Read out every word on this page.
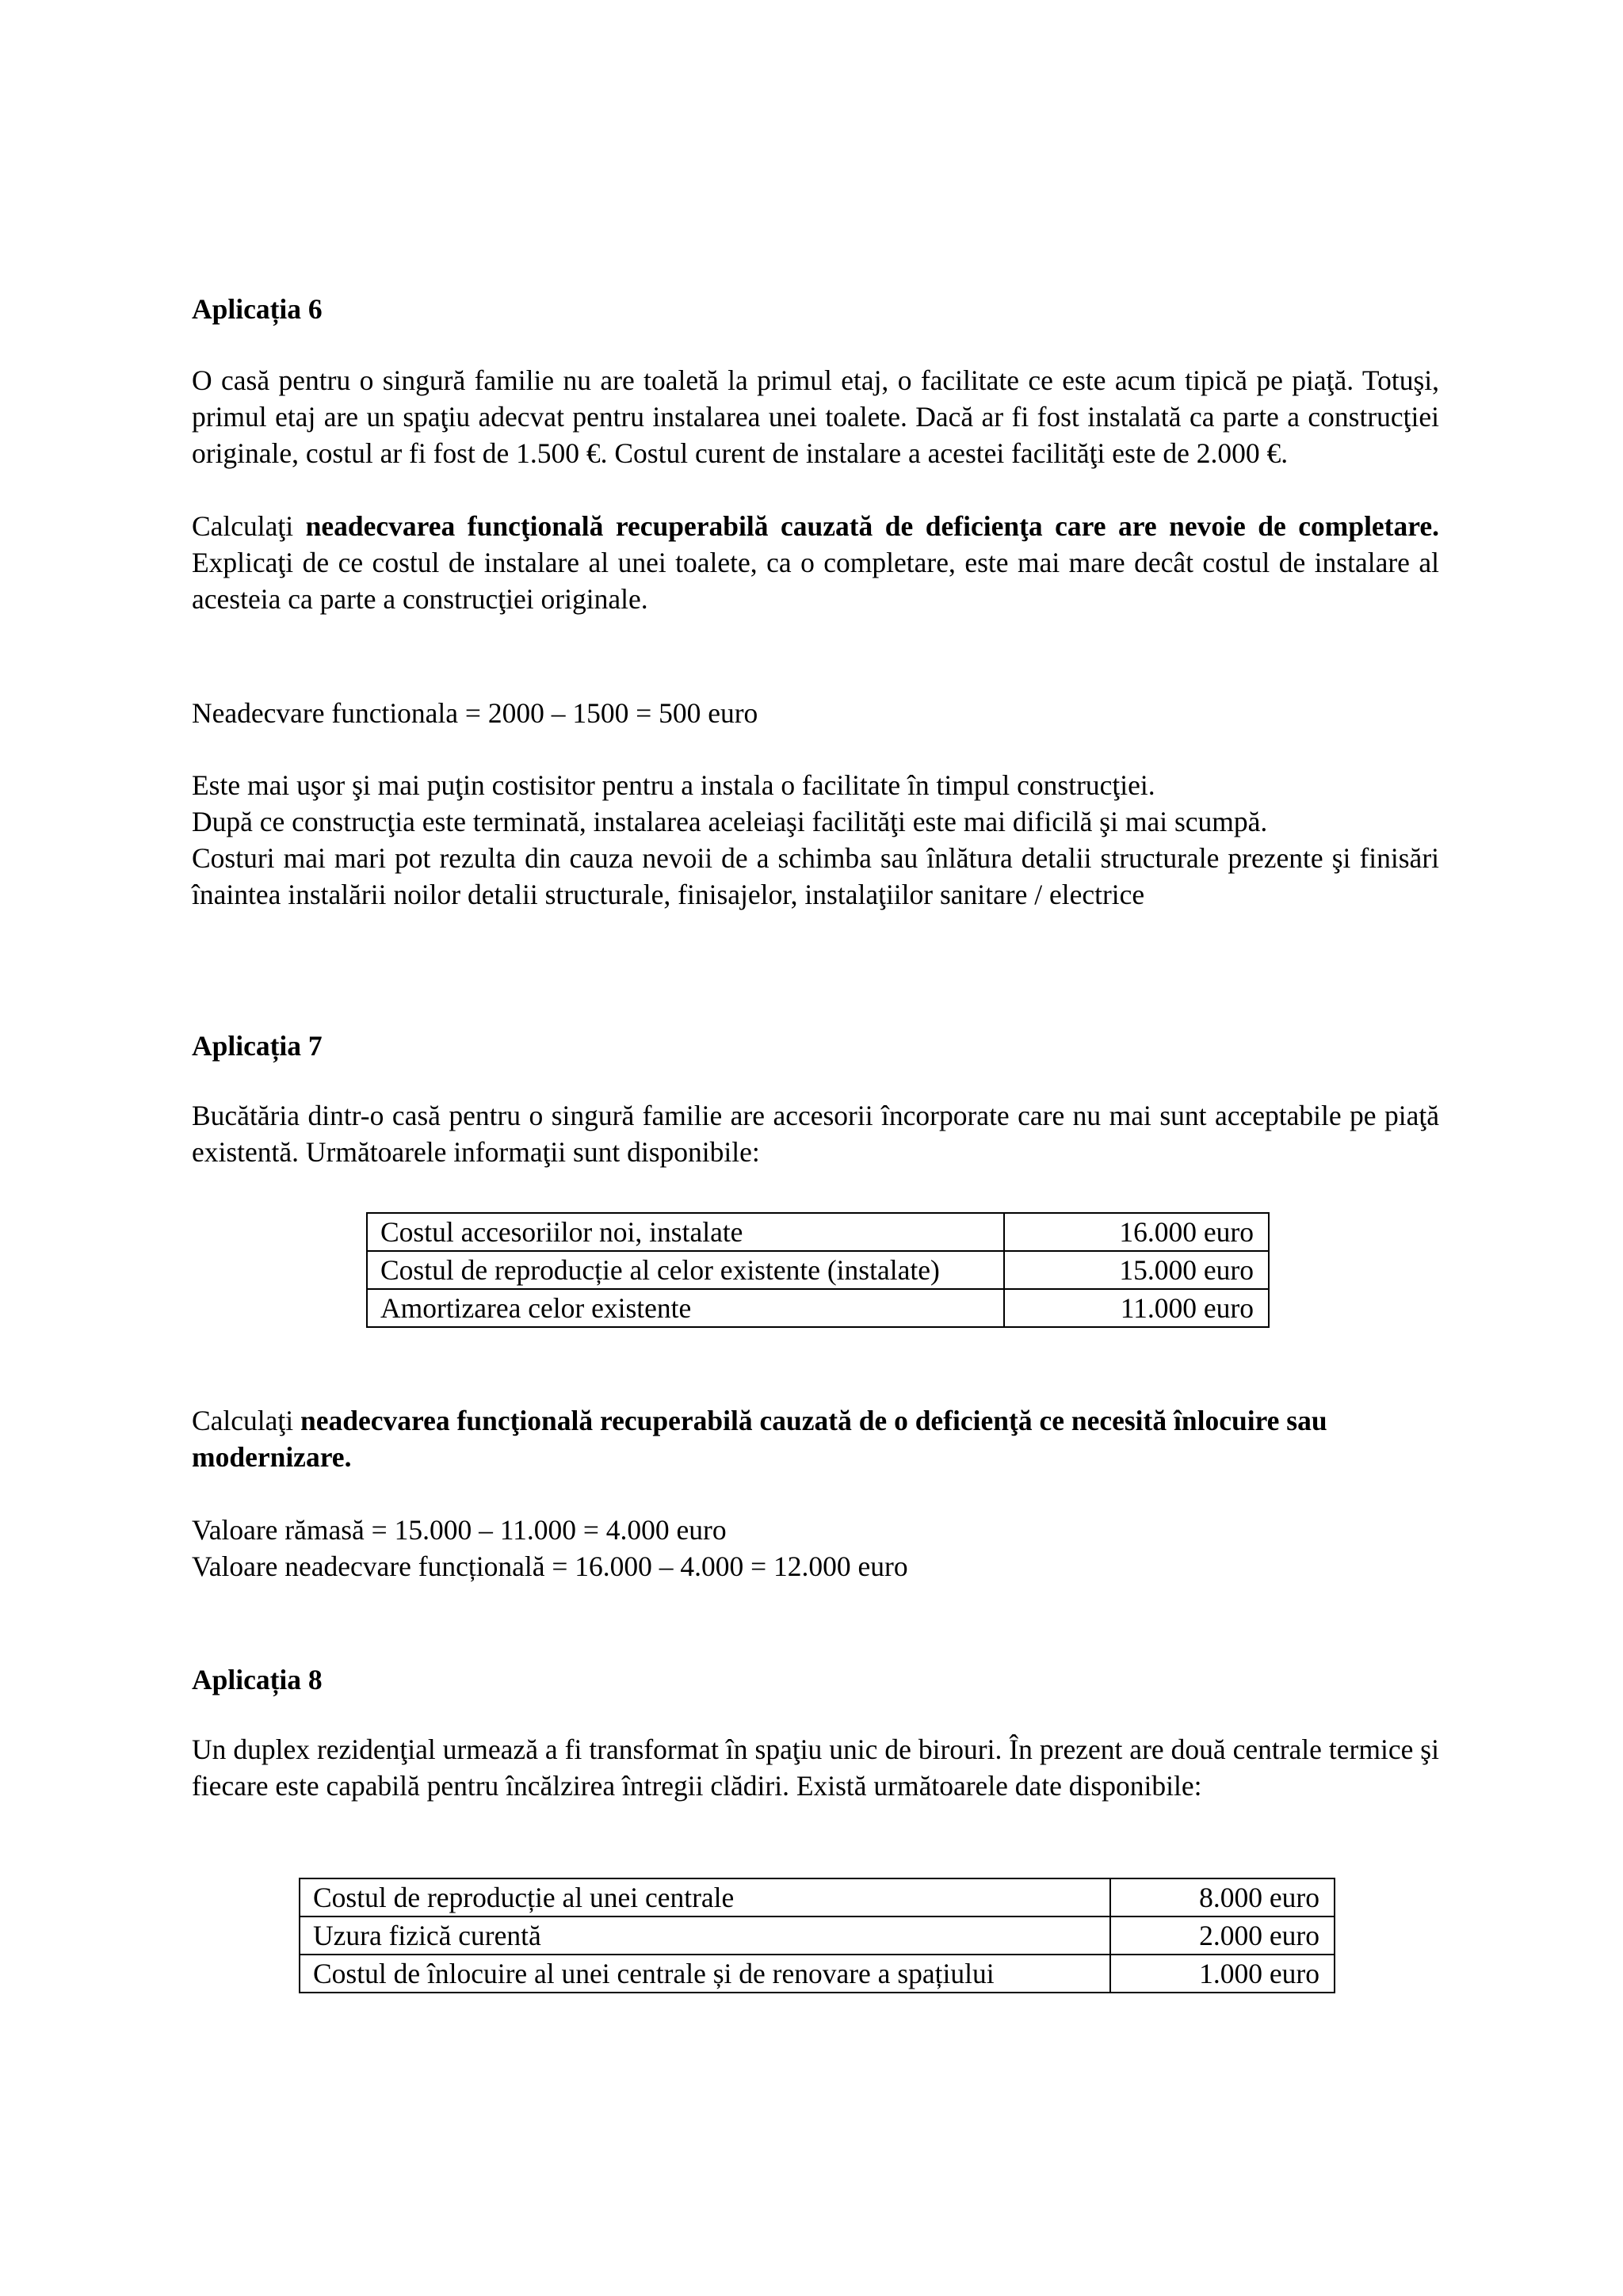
Aplicația 6

O casă pentru o singură familie nu are toaletă la primul etaj, o facilitate ce este acum tipică pe piaţă. Totuşi, primul etaj are un spaţiu adecvat pentru instalarea unei toalete. Dacă ar fi fost instalată ca parte a construcţiei originale, costul ar fi fost de 1.500 €. Costul curent de instalare a acestei facilităţi este de 2.000 €.

Calculaţi neadecvarea funcţională recuperabilă cauzată de deficienţa care are nevoie de completare. Explicaţi de ce costul de instalare al unei toalete, ca o completare, este mai mare decât costul de instalare al acesteia ca parte a construcţiei originale.

Neadecvare functionala = 2000 – 1500 = 500 euro

Este mai uşor şi mai puţin costisitor pentru a instala o facilitate în timpul construcţiei.

După ce construcţia este terminată, instalarea aceleiaşi facilităţi este mai dificilă şi mai scumpă.

Costuri mai mari pot rezulta din cauza nevoii de a schimba sau înlătura detalii structurale prezente şi finisări înaintea instalării noilor detalii structurale, finisajelor, instalaţiilor sanitare / electrice

Aplicația 7

Bucătăria dintr-o casă pentru o singură familie are accesorii încorporate care nu mai sunt acceptabile pe piaţă existentă. Următoarele informaţii sunt disponibile:

Costul accesoriilor noi, instalate	16.000 euro
Costul de reproducție al celor existente (instalate)	15.000 euro
Amortizarea celor existente	11.000 euro

Calculaţi neadecvarea funcţională recuperabilă cauzată de o deficienţă ce necesită înlocuire sau modernizare.

Valoare rămasă = 15.000 – 11.000 = 4.000 euro

Valoare neadecvare funcțională = 16.000 – 4.000 = 12.000 euro

Aplicația 8

Un duplex rezidenţial urmează a fi transformat în spaţiu unic de birouri. În prezent are două centrale termice şi fiecare este capabilă pentru încălzirea întregii clădiri. Există următoarele date disponibile:

Costul de reproducție al unei centrale	8.000 euro
Uzura fizică curentă	2.000 euro
Costul de înlocuire al unei centrale și de renovare a spațiului	1.000 euro
